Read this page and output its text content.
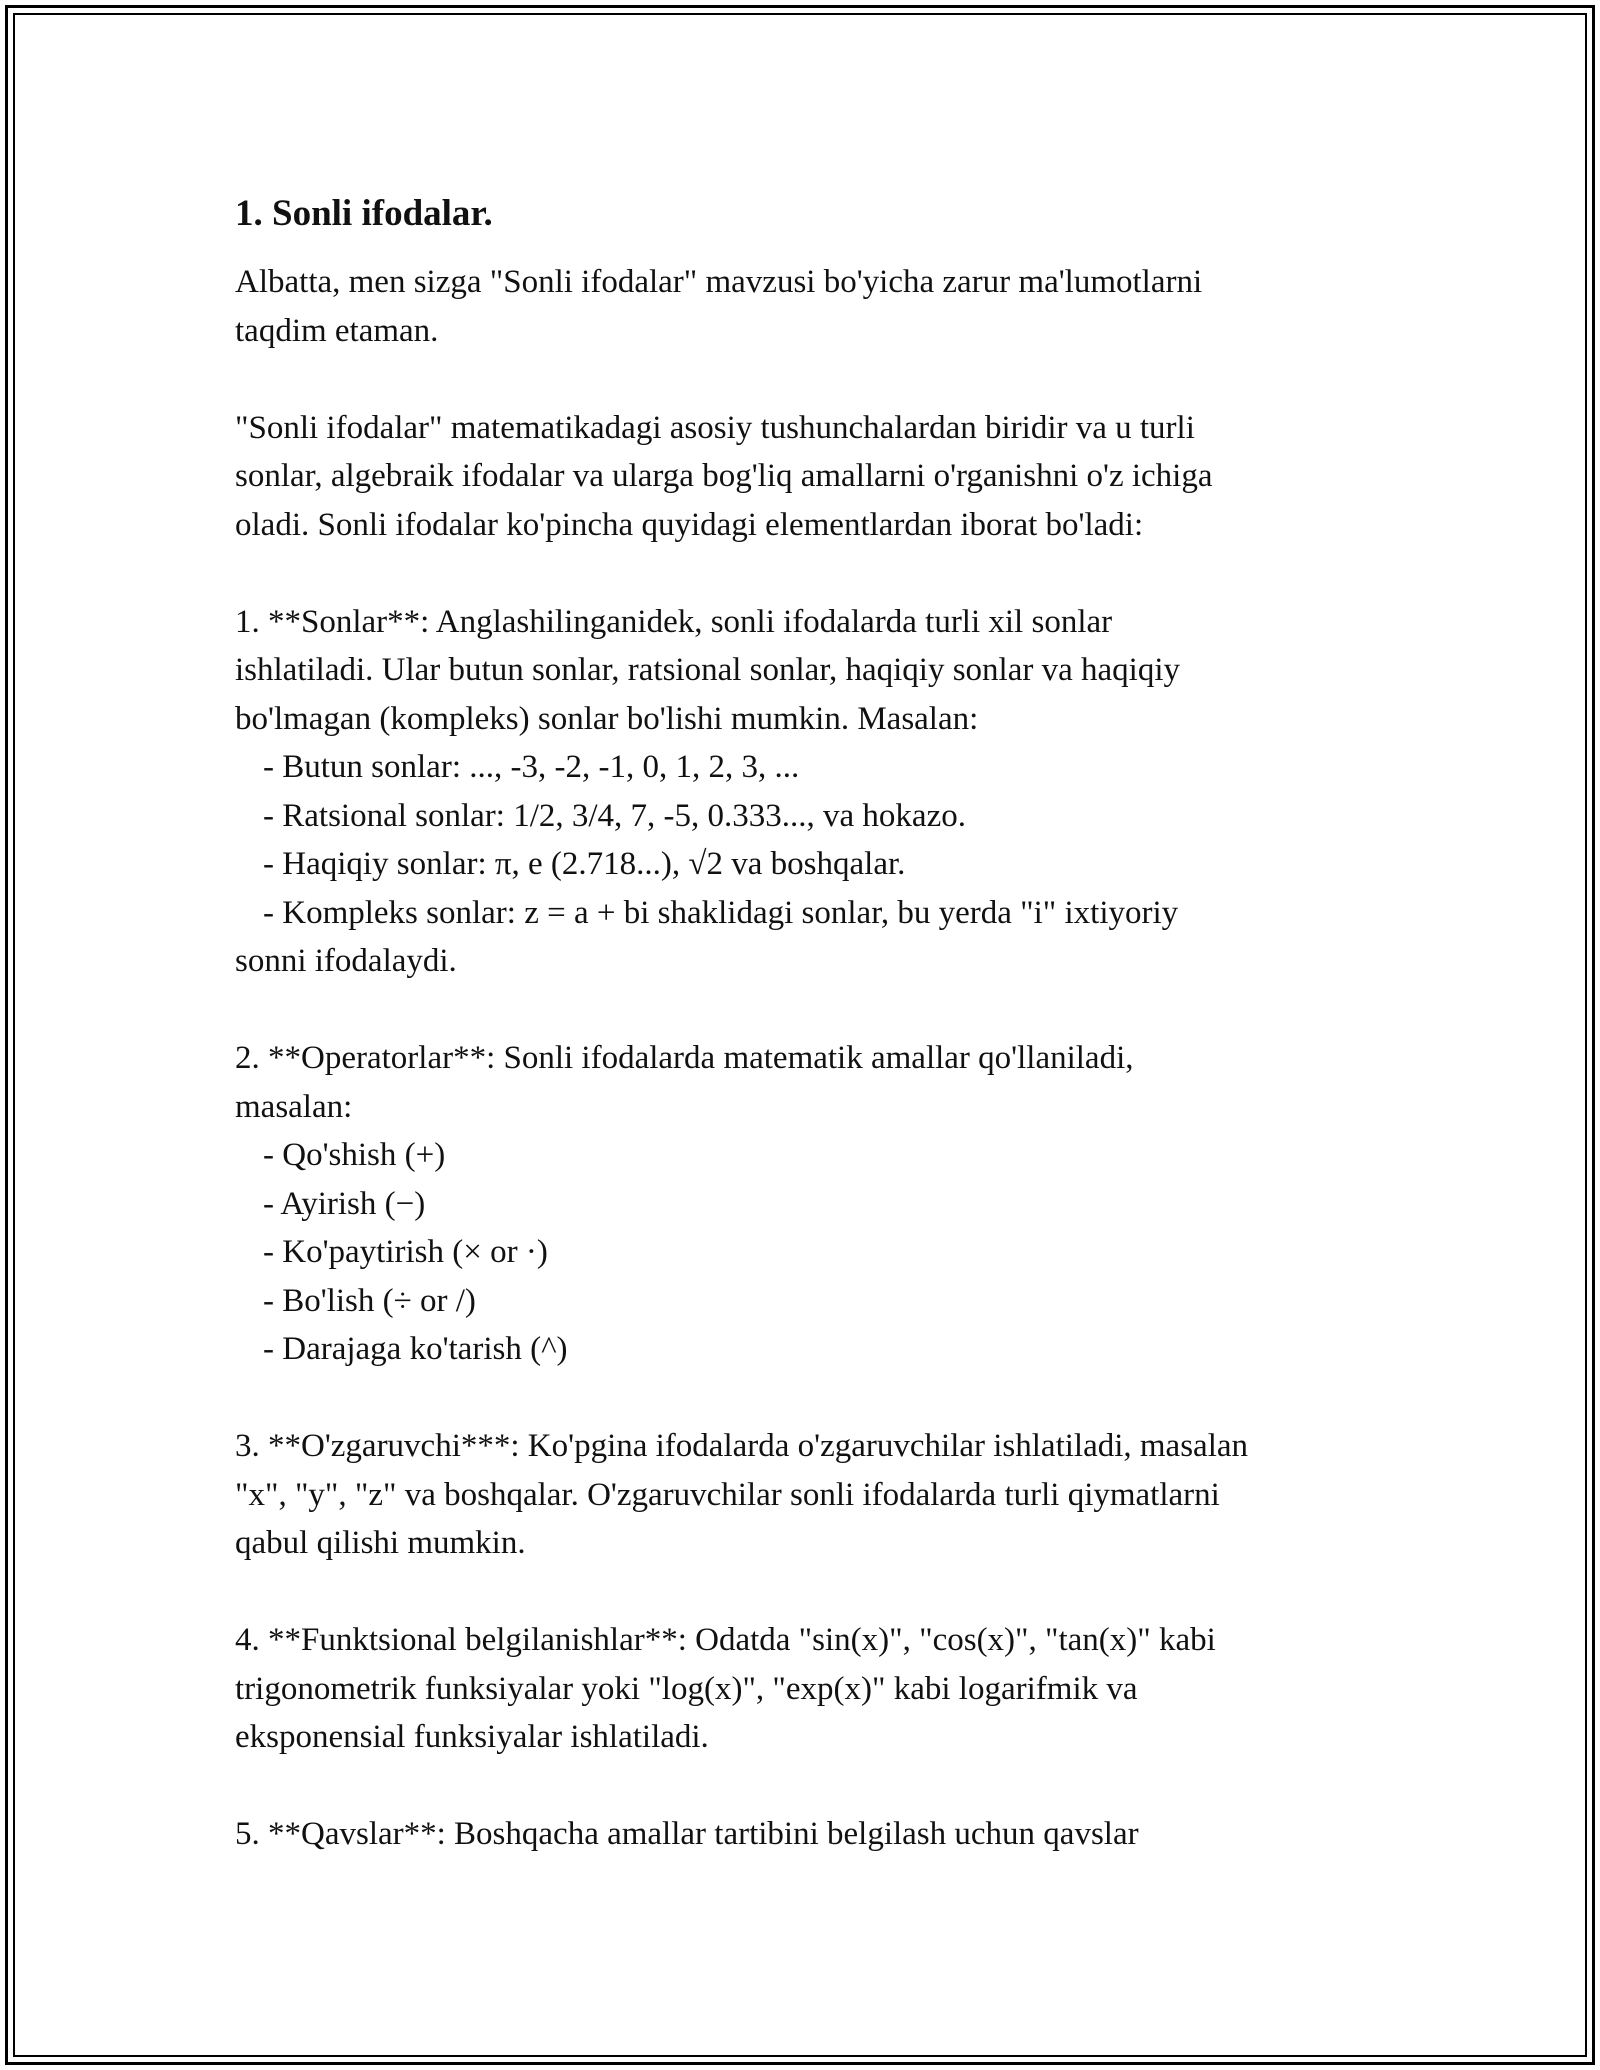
1. Sonli ifodalar.

Albatta, men sizga "Sonli ifodalar" mavzusi bo'yicha zarur ma'lumotlarni

taqdim etaman.

"Sonli ifodalar" matematikadagi asosiy tushunchalardan biridir va u turli

sonlar, algebraik ifodalar va ularga bog'liq amallarni o'rganishni o'z ichiga

oladi. Sonli ifodalar ko'pincha quyidagi elementlardan iborat bo'ladi:

1. **Sonlar**: Anglashilinganidek, sonli ifodalarda turli xil sonlar

ishlatiladi. Ular butun sonlar, ratsional sonlar, haqiqiy sonlar va haqiqiy

bo'lmagan (kompleks) sonlar bo'lishi mumkin. Masalan:

- Butun sonlar: ..., -3, -2, -1, 0, 1, 2, 3, ...

- Ratsional sonlar: 1/2, 3/4, 7, -5, 0.333..., va hokazo.

- Haqiqiy sonlar: π, e (2.718...), √2 va boshqalar.

- Kompleks sonlar: z = a + bi shaklidagi sonlar, bu yerda "i" ixtiyoriy

sonni ifodalaydi.

2. **Operatorlar**: Sonli ifodalarda matematik amallar qo'llaniladi,

masalan:

- Qo'shish (+)

- Ayirish (−)

- Ko'paytirish (× or ·)

- Bo'lish (÷ or /)

- Darajaga ko'tarish (^)

3. **O'zgaruvchi***: Ko'pgina ifodalarda o'zgaruvchilar ishlatiladi, masalan

"x", "y", "z" va boshqalar. O'zgaruvchilar sonli ifodalarda turli qiymatlarni

qabul qilishi mumkin.

4. **Funktsional belgilanishlar**: Odatda "sin(x)", "cos(x)", "tan(x)" kabi

trigonometrik funksiyalar yoki "log(x)", "exp(x)" kabi logarifmik va

eksponensial funksiyalar ishlatiladi.

5. **Qavslar**: Boshqacha amallar tartibini belgilash uchun qavslar
